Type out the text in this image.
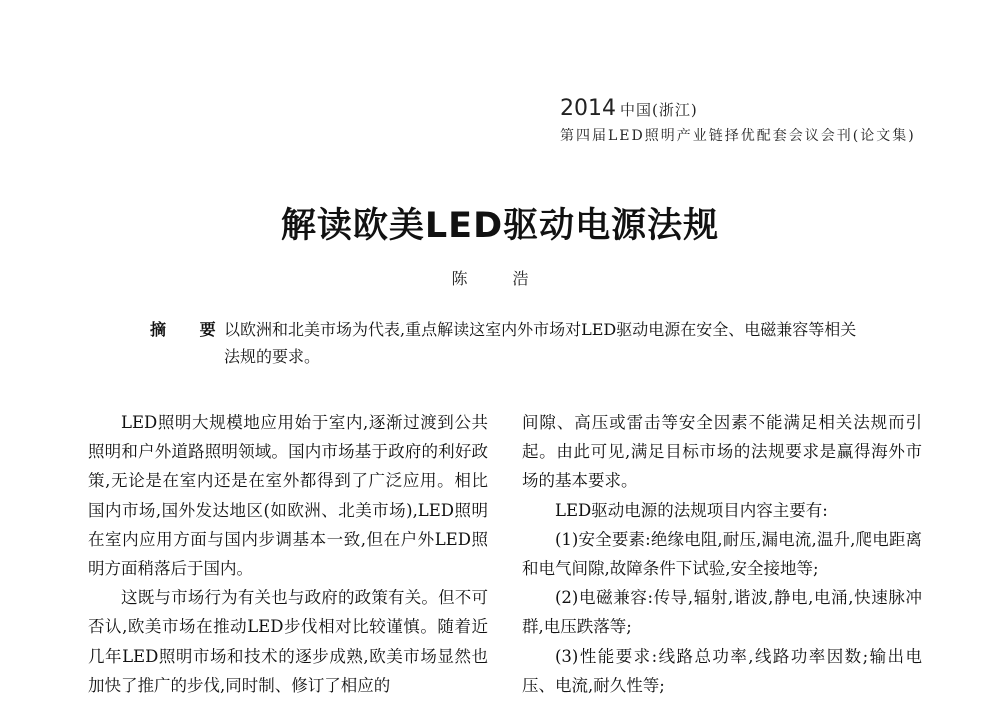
2014 中国(浙江)
第四届LED照明产业链择优配套会议会刊(论文集)
解读欧美LED驱动电源法规
陈 浩
摘 要
以欧洲和北美市场为代表,重点解读这室内外市场对LED驱动电源在安全、电磁兼容等相关法规的要求。

LED照明大规模地应用始于室内,逐渐过渡到公共照明和户外道路照明领域。国内市场基于政府的利好政策,无论是在室内还是在室外都得到了广泛应用。相比国内市场,国外发达地区(如欧洲、北美市场),LED照明在室内应用方面与国内步调基本一致,但在户外LED照明方面稍落后于国内。

这既与市场行为有关也与政府的政策有关。但不可否认,欧美市场在推动LED步伐相对比较谨慎。随着近几年LED照明市场和技术的逐步成熟,欧美市场显然也加快了推广的步伐,同时制、修订了相应的

间隙、高压或雷击等安全因素不能满足相关法规而引起。由此可见,满足目标市场的法规要求是赢得海外市场的基本要求。

LED驱动电源的法规项目内容主要有:

(1)安全要素:绝缘电阻,耐压,漏电流,温升,爬电距离和电气间隙,故障条件下试验,安全接地等;

(2)电磁兼容:传导,辐射,谐波,静电,电涌,快速脉冲群,电压跌落等;

(3)性能要求:线路总功率,线路功率因数;输出电压、电流,耐久性等;
